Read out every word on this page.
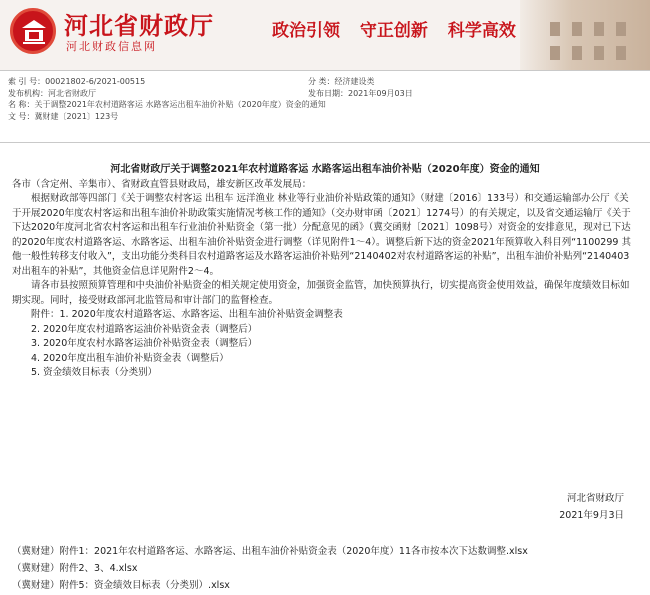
河北省财政厅
河北财政信息网
政治引领 守正创新 科学高效
索 引 号：00021802-6/2021-00515	分 类：经济建设类
发布机构：河北省财政厅	发布日期：2021年09月03日
名 称：关于调整2021年农村道路客运 水路客运出租车油价补贴（2020年度）资金的通知
文 号：冀财建〔2021〕123号

河北省财政厅关于调整2021年农村道路客运 水路客运出租车油价补贴（2020年度）资金的通知

各市（含定州、辛集市）、省财政直管县财政局，雄安新区改革发展局：

根据财政部等四部门《关于调整农村客运 出租车 远洋渔业 林业等行业油价补贴政策的通知》（财建〔2016〕133号）和交通运输部办公厅《关于开展2020年度农村客运和出租车油价补助政策实施情况考核工作的通知》（交办财审函〔2021〕1274号）的有关规定，以及省交通运输厅《关于下达2020年度河北省农村客运和出租车行业油价补贴资金（第一批）分配意见的函》（冀交函财〔2021〕1098号）对资金的安排意见，现对已下达的2020年度农村道路客运、水路客运、出租车油价补贴资金进行调整（详见附件1～4）。调整后新下达的资金2021年预算收入科目列“1100299 其他一般性转移支付收入”，支出功能分类科目农村道路客运及水路客运油价补贴列“2140402对农村道路客运的补贴”，出租车油价补贴列“2140403对出租车的补贴”，其他资金信息详见附件2～4。

请各市县按照预算管理和中央油价补贴资金的相关规定使用资金，加强资金监管，加快预算执行，切实提高资金使用效益，确保年度绩效目标如期实现。同时，接受财政部河北监管局和审计部门的监督检查。

附件：1. 2020年度农村道路客运、水路客运、出租车油价补贴资金调整表

2. 2020年度农村道路客运油价补贴资金表（调整后）

3. 2020年度农村水路客运油价补贴资金表（调整后）

4. 2020年度出租车油价补贴资金表（调整后）

5. 资金绩效目标表（分类别）

河北省财政厅
2021年9月3日
（冀财建）附件1：2021年农村道路客运、水路客运、出租车油价补贴资金表（2020年度）11各市按本次下达数调整.xlsx
（冀财建）附件2、3、4.xlsx
（冀财建）附件5：资金绩效目标表（分类别）.xlsx
